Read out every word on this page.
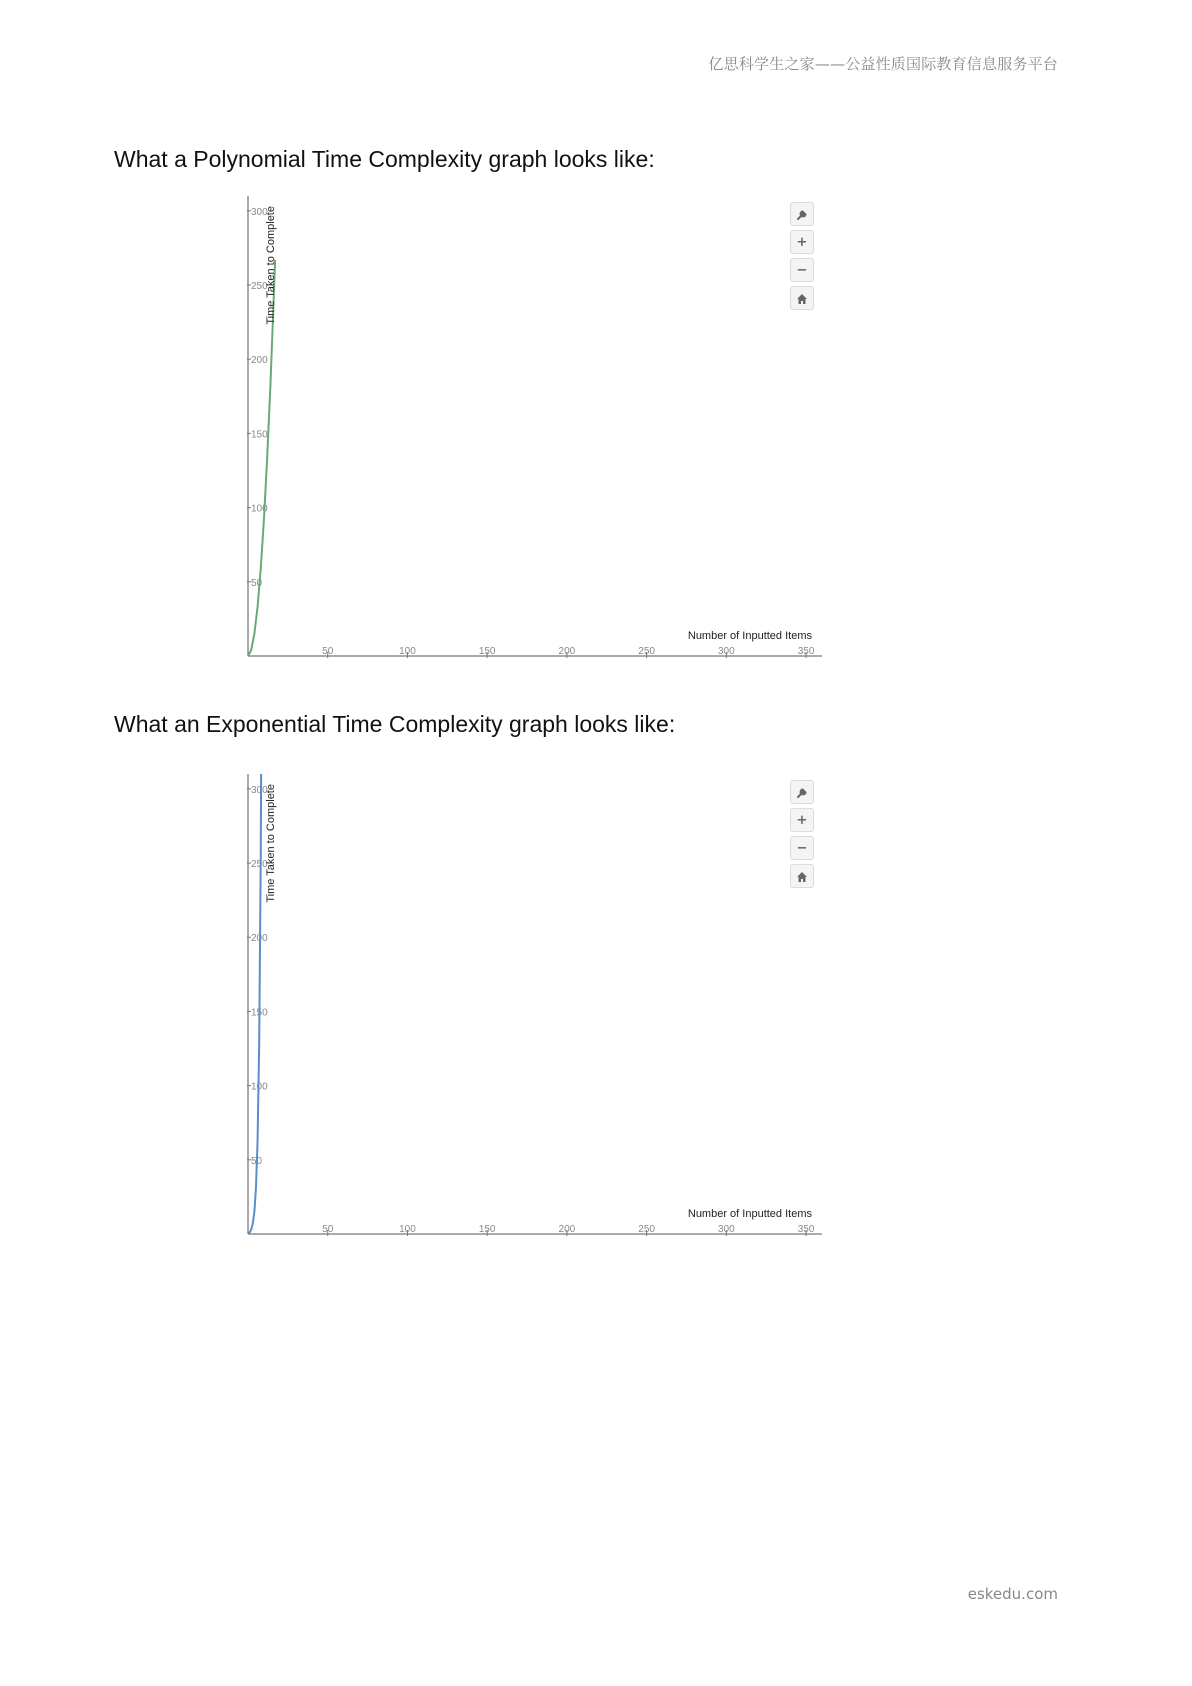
亿思科学生之家——公益性质国际教育信息服务平台
What a Polynomial Time Complexity graph looks like:
50	100	150	200	250	300	350
50
100
150
200
250
300
Number of Inputted Items
Time Taken to Complete	+
−
What an Exponential Time Complexity graph looks like:
50	100	150	200	250	300	350
50
100
150
200
250
300
Number of Inputted Items
Time Taken to Complete	+
−
eskedu.com
